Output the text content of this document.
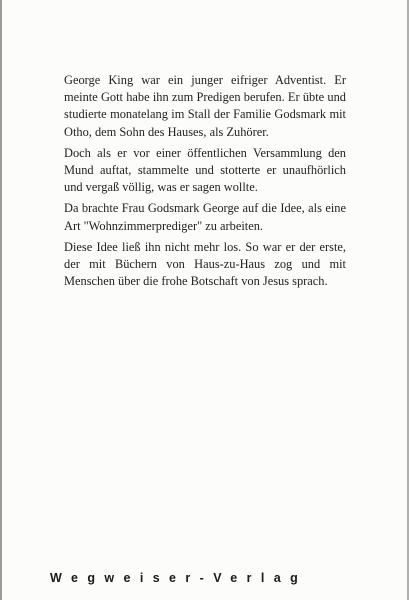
George King war ein junger eifriger Adventist. Er meinte Gott habe ihn zum Predigen berufen. Er übte und studierte monatelang im Stall der Familie Godsmark mit Otho, dem Sohn des Hauses, als Zuhörer.

Doch als er vor einer öffentlichen Versammlung den Mund auftat, stammelte und stotterte er unaufhörlich und vergaß völlig, was er sagen wollte.

Da brachte Frau Godsmark George auf die Idee, als eine Art "Wohnzimmerprediger" zu arbeiten.

Diese Idee ließ ihn nicht mehr los. So war er der erste, der mit Büchern von Haus-zu-Haus zog und mit Menschen über die frohe Botschaft von Jesus sprach.

Wegweiser-Verlag
